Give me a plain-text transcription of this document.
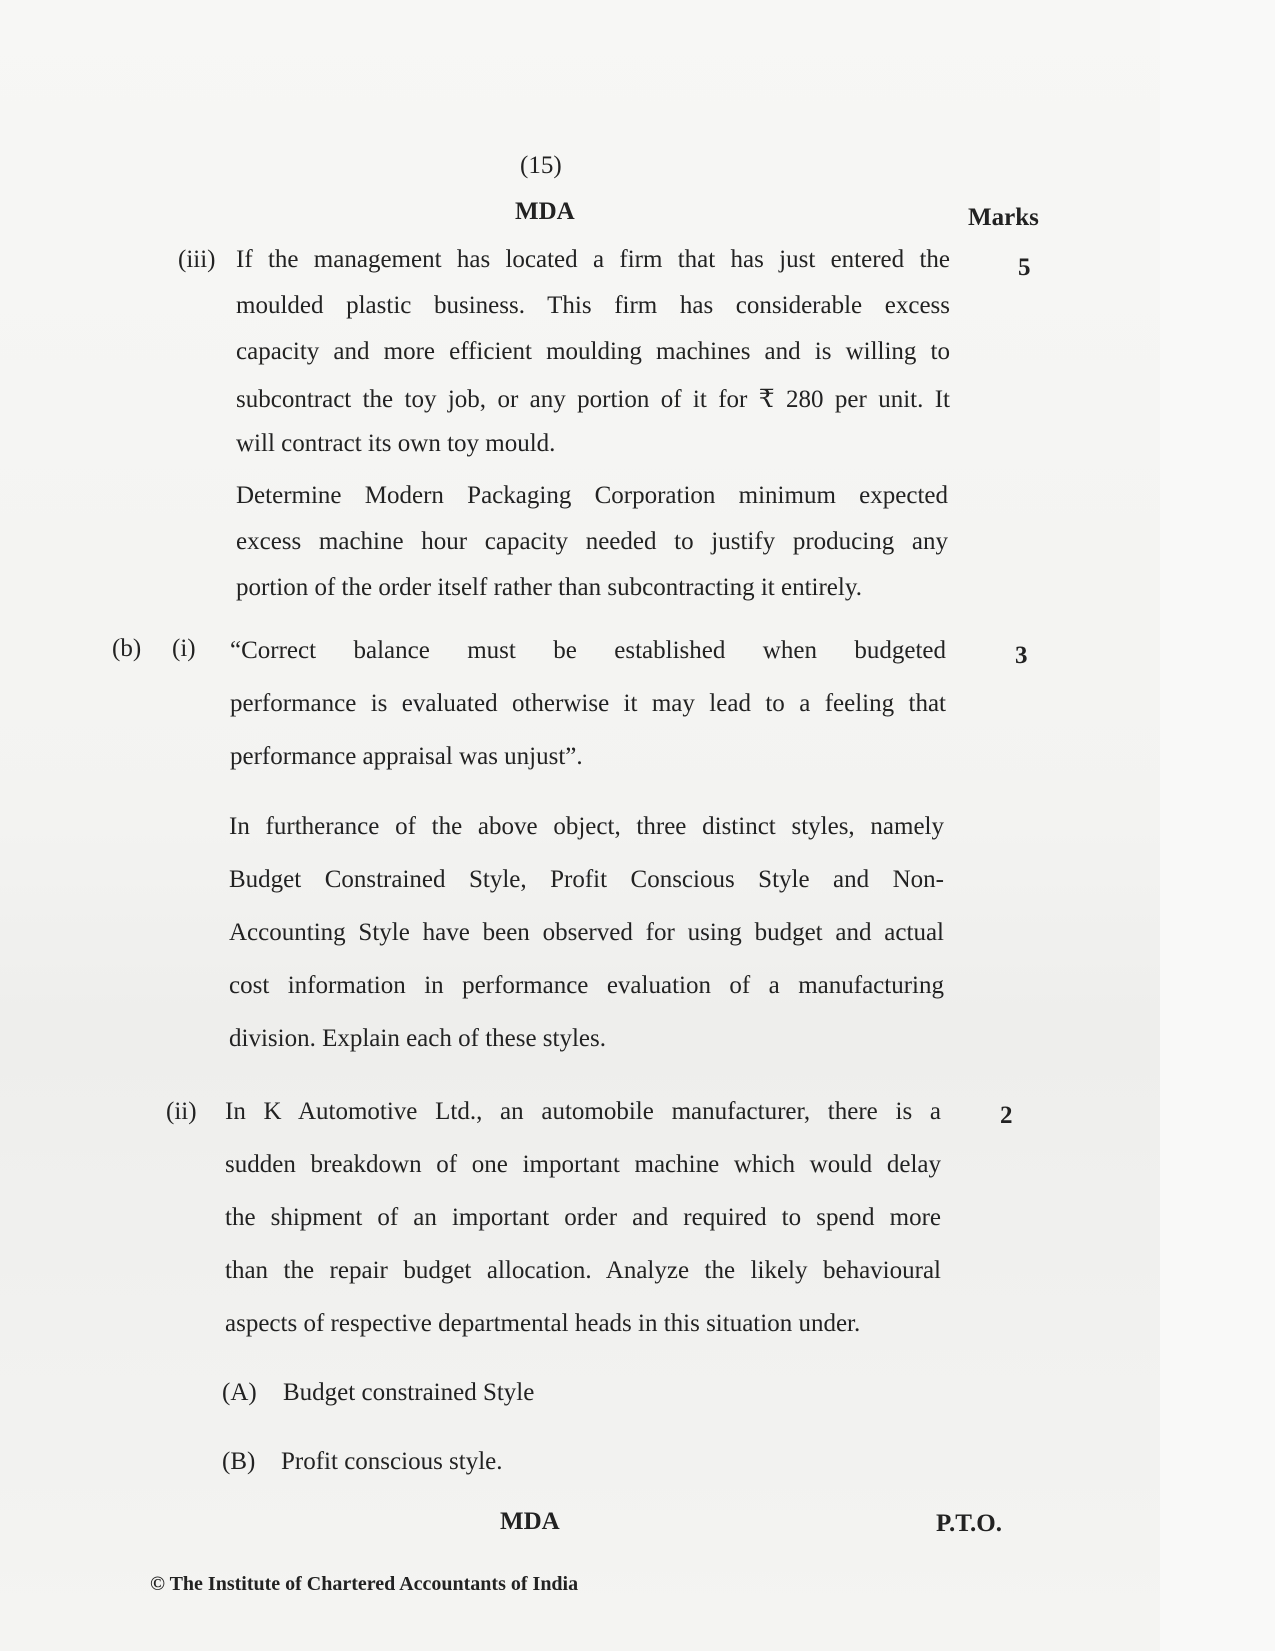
(15)
MDA	Marks
(iii)	5
If the management has located a firm that has just entered the
moulded plastic business. This firm has considerable excess
capacity and more efficient moulding machines and is willing to
subcontract the toy job, or any portion of it for ₹ 280 per unit. It
will contract its own toy mould.
Determine Modern Packaging Corporation minimum expected
excess machine hour capacity needed to justify producing any
portion of the order itself rather than subcontracting it entirely.
(b) (i)	3
“Correct balance must be established when budgeted
performance is evaluated otherwise it may lead to a feeling that
performance appraisal was unjust”.
In furtherance of the above object, three distinct styles, namely
Budget Constrained Style, Profit Conscious Style and Non-
Accounting Style have been observed for using budget and actual
cost information in performance evaluation of a manufacturing
division. Explain each of these styles.
(ii)	2
In K Automotive Ltd., an automobile manufacturer, there is a
sudden breakdown of one important machine which would delay
the shipment of an important order and required to spend more
than the repair budget allocation. Analyze the likely behavioural
aspects of respective departmental heads in this situation under.
(A) Budget constrained Style
(B) Profit conscious style.
MDA	P.T.O.
© The Institute of Chartered Accountants of India
